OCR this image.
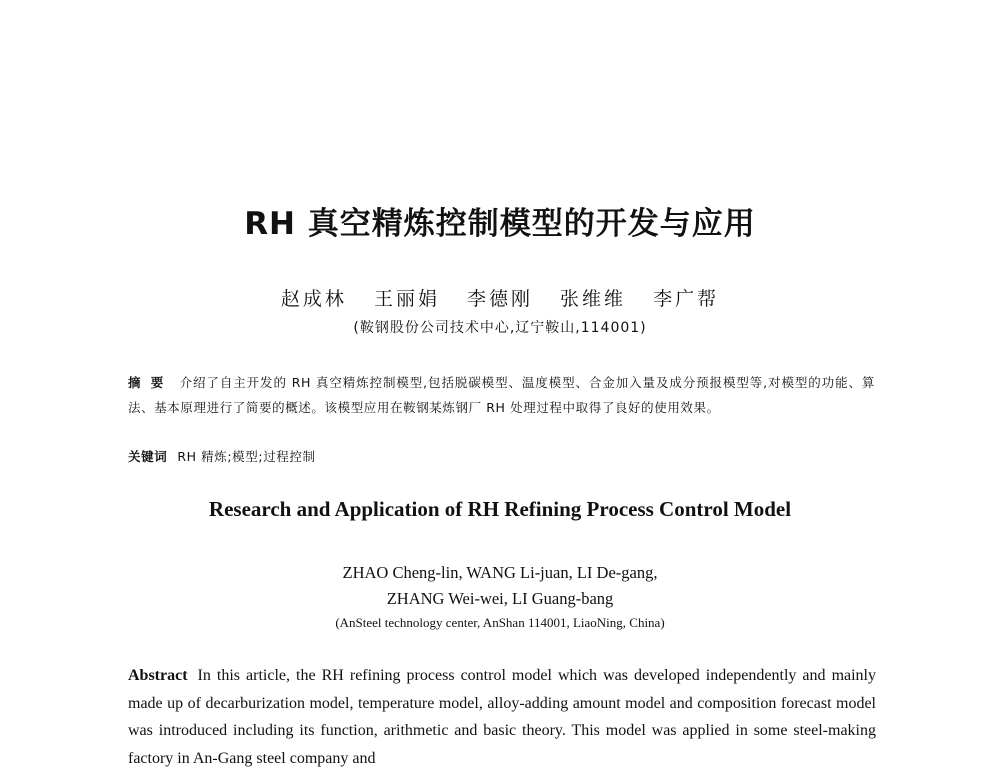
RH 真空精炼控制模型的开发与应用
赵成林 王丽娟 李德刚 张维维 李广帮
(鞍钢股份公司技术中心,辽宁鞍山,114001)
摘要 介绍了自主开发的 RH 真空精炼控制模型,包括脱碳模型、温度模型、合金加入量及成分预报模型等,对模型的功能、算法、基本原理进行了简要的概述。该模型应用在鞍钢某炼钢厂 RH 处理过程中取得了良好的使用效果。
关键词 RH 精炼;模型;过程控制
Research and Application of RH Refining Process Control Model
ZHAO Cheng-lin, WANG Li-juan, LI De-gang,
ZHANG Wei-wei, LI Guang-bang
(AnSteel technology center, AnShan 114001, LiaoNing, China)
Abstract In this article, the RH refining process control model which was developed independently and mainly made up of decarburization model, temperature model, alloy-adding amount model and composition forecast model was introduced including its function, arithmetic and basic theory. This model was applied in some steel-making factory in An-Gang steel company and
